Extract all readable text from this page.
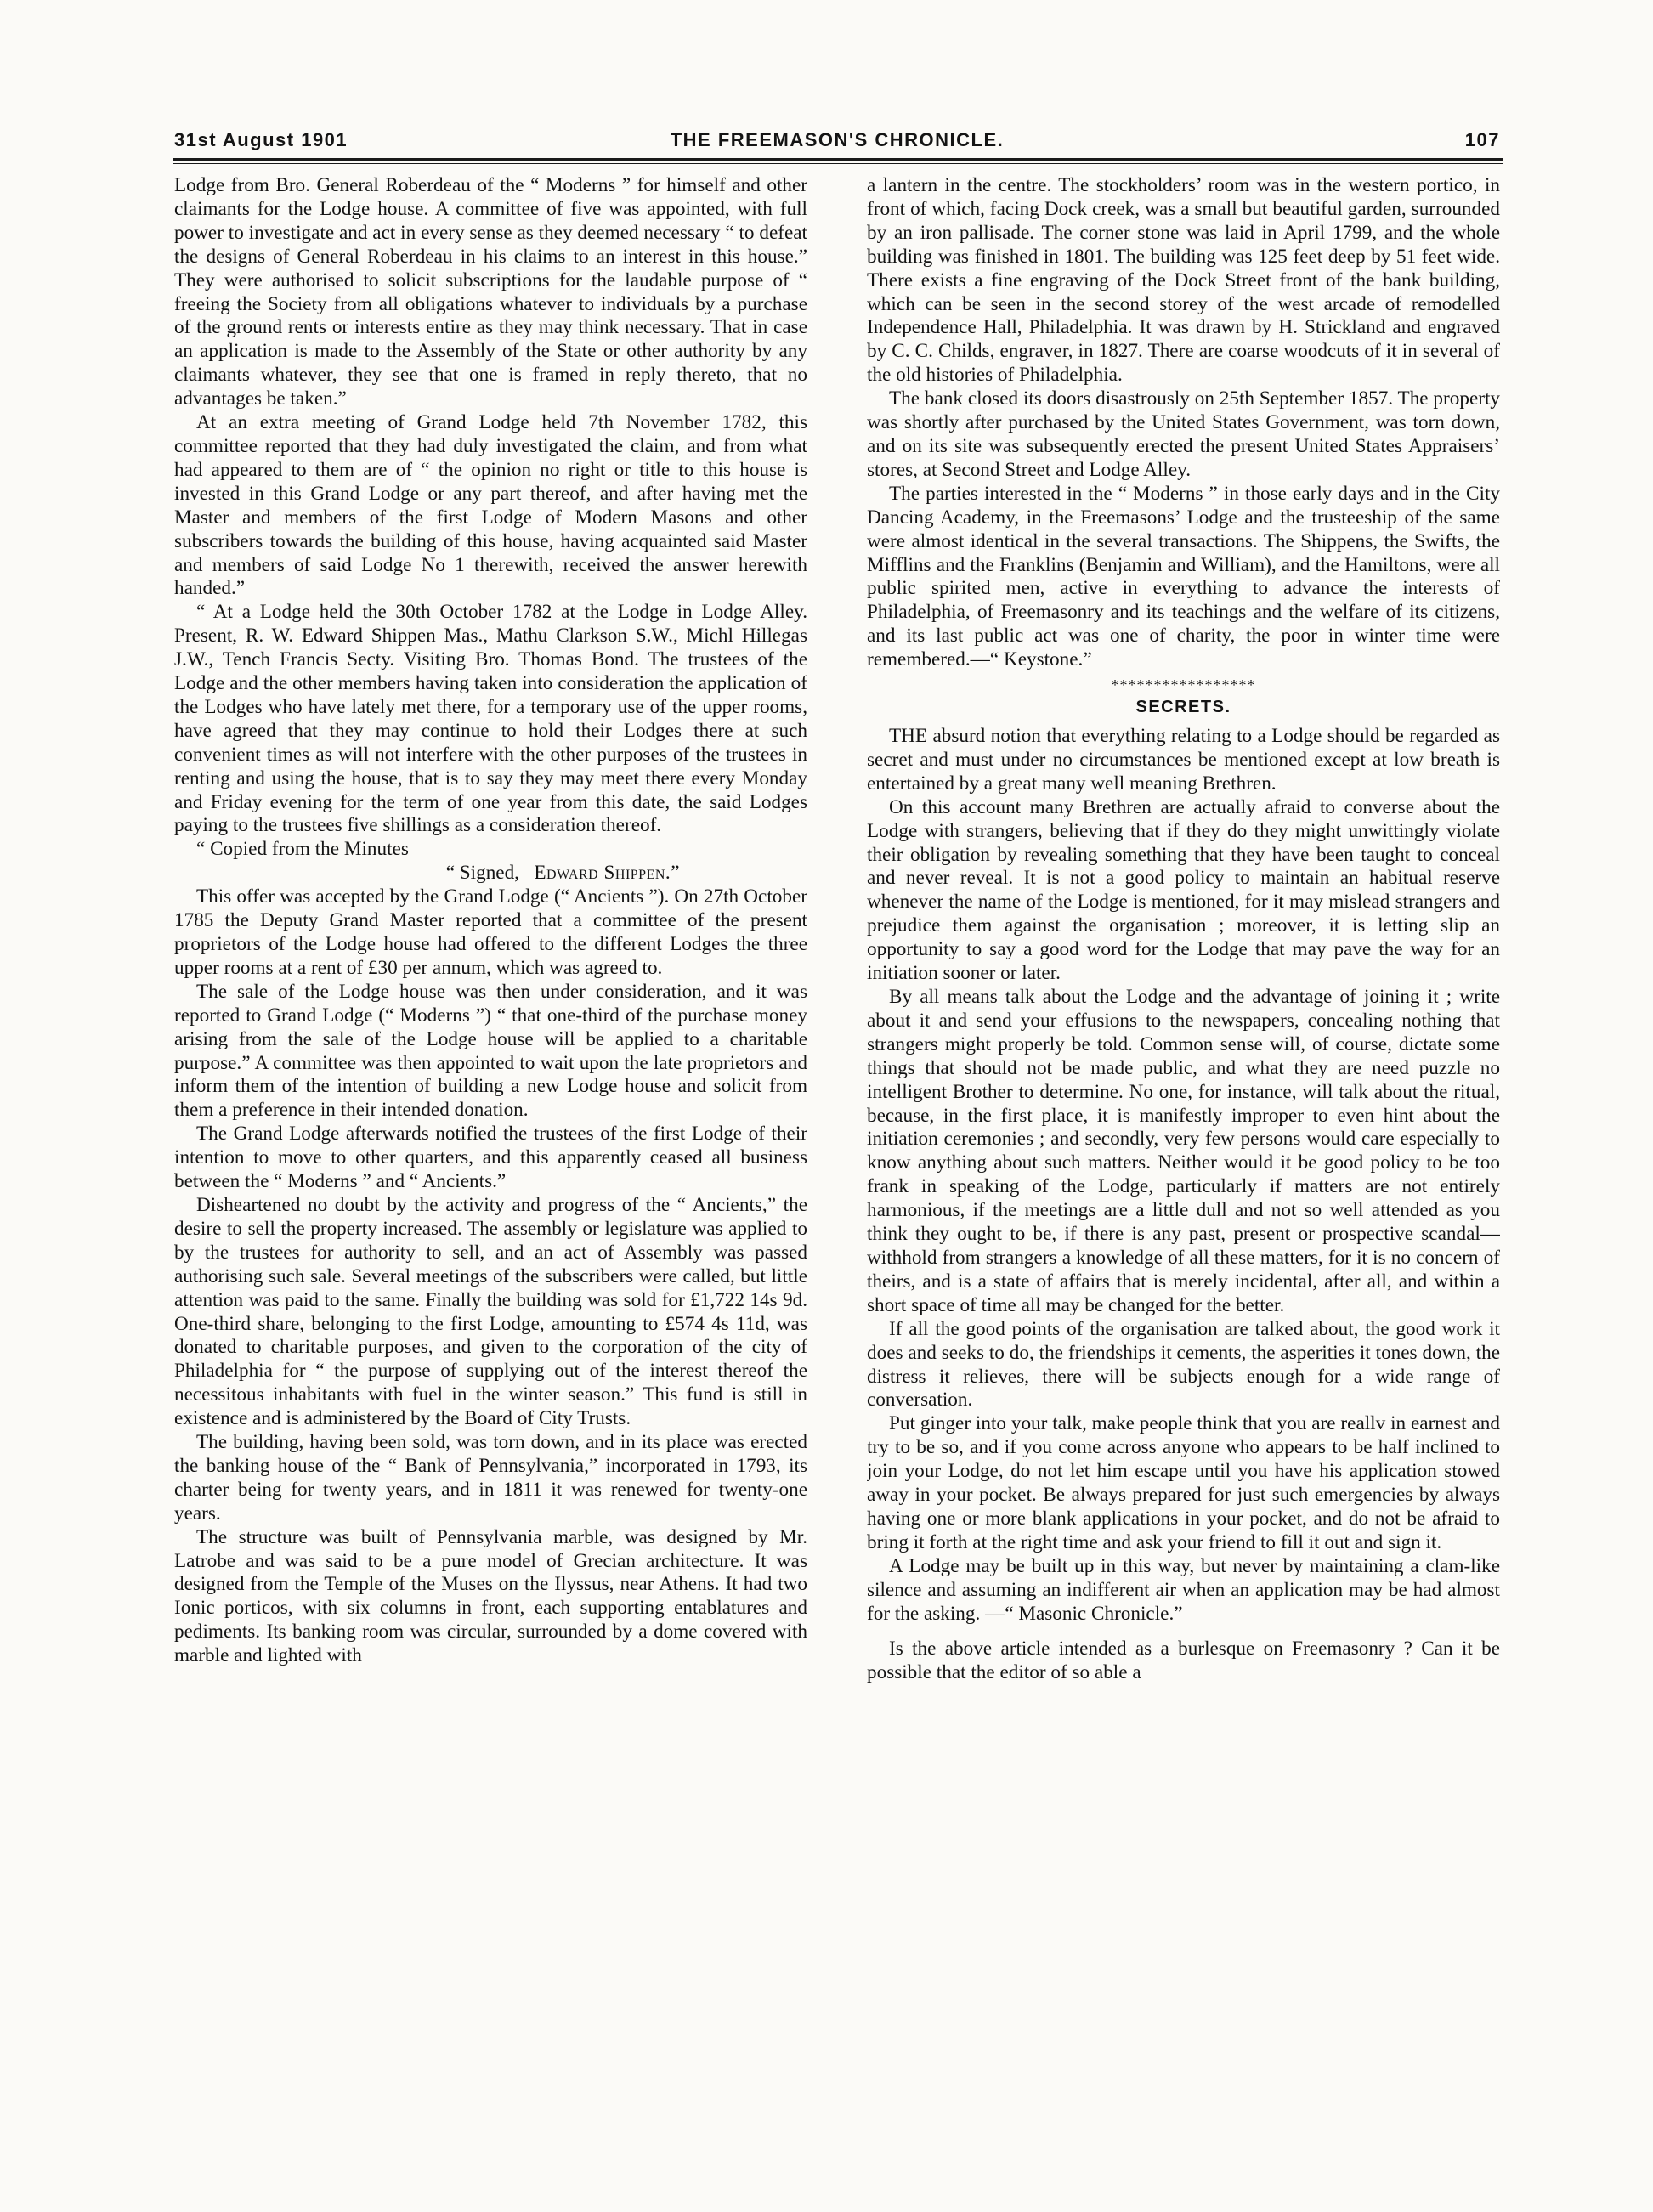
31st August 1901	THE FREEMASON'S CHRONICLE.	107

Lodge from Bro. General Roberdeau of the “ Moderns ” for himself and other claimants for the Lodge house. A committee of five was appointed, with full power to investigate and act in every sense as they deemed necessary “ to defeat the designs of General Roberdeau in his claims to an interest in this house.” They were authorised to solicit subscriptions for the laudable purpose of “ freeing the Society from all obligations whatever to individuals by a purchase of the ground rents or interests entire as they may think necessary. That in case an application is made to the Assembly of the State or other authority by any claimants whatever, they see that one is framed in reply thereto, that no advantages be taken.”

At an extra meeting of Grand Lodge held 7th November 1782, this committee reported that they had duly investigated the claim, and from what had appeared to them are of “ the opinion no right or title to this house is invested in this Grand Lodge or any part thereof, and after having met the Master and members of the first Lodge of Modern Masons and other subscribers towards the building of this house, having acquainted said Master and members of said Lodge No 1 therewith, received the answer herewith handed.”

“ At a Lodge held the 30th October 1782 at the Lodge in Lodge Alley. Present, R. W. Edward Shippen Mas., Mathu Clarkson S.W., Michl Hillegas J.W., Tench Francis Secty. Visiting Bro. Thomas Bond. The trustees of the Lodge and the other members having taken into consideration the application of the Lodges who have lately met there, for a temporary use of the upper rooms, have agreed that they may continue to hold their Lodges there at such convenient times as will not interfere with the other purposes of the trustees in renting and using the house, that is to say they may meet there every Monday and Friday evening for the term of one year from this date, the said Lodges paying to the trustees five shillings as a consideration thereof.

“ Copied from the Minutes

“ Signed, Edward Shippen.”

This offer was accepted by the Grand Lodge (“ Ancients ”). On 27th October 1785 the Deputy Grand Master reported that a committee of the present proprietors of the Lodge house had offered to the different Lodges the three upper rooms at a rent of £30 per annum, which was agreed to.

The sale of the Lodge house was then under consideration, and it was reported to Grand Lodge (“ Moderns ”) “ that one-third of the purchase money arising from the sale of the Lodge house will be applied to a charitable purpose.” A committee was then appointed to wait upon the late proprietors and inform them of the intention of building a new Lodge house and solicit from them a preference in their intended donation.

The Grand Lodge afterwards notified the trustees of the first Lodge of their intention to move to other quarters, and this apparently ceased all business between the “ Moderns ” and “ Ancients.”

Disheartened no doubt by the activity and progress of the “ Ancients,” the desire to sell the property increased. The assembly or legislature was applied to by the trustees for authority to sell, and an act of Assembly was passed authorising such sale. Several meetings of the subscribers were called, but little attention was paid to the same. Finally the building was sold for £1,722 14s 9d. One-third share, belonging to the first Lodge, amounting to £574 4s 11d, was donated to charitable purposes, and given to the corporation of the city of Philadelphia for “ the purpose of supplying out of the interest thereof the necessitous inhabitants with fuel in the winter season.” This fund is still in existence and is administered by the Board of City Trusts.

The building, having been sold, was torn down, and in its place was erected the banking house of the “ Bank of Pennsylvania,” incorporated in 1793, its charter being for twenty years, and in 1811 it was renewed for twenty-one years.

The structure was built of Pennsylvania marble, was designed by Mr. Latrobe and was said to be a pure model of Grecian architecture. It was designed from the Temple of the Muses on the Ilyssus, near Athens. It had two Ionic porticos, with six columns in front, each supporting entablatures and pediments. Its banking room was circular, surrounded by a dome covered with marble and lighted with

a lantern in the centre. The stockholders’ room was in the western portico, in front of which, facing Dock creek, was a small but beautiful garden, surrounded by an iron pallisade. The corner stone was laid in April 1799, and the whole building was finished in 1801. The building was 125 feet deep by 51 feet wide. There exists a fine engraving of the Dock Street front of the bank building, which can be seen in the second storey of the west arcade of remodelled Independence Hall, Philadelphia. It was drawn by H. Strickland and engraved by C. C. Childs, engraver, in 1827. There are coarse woodcuts of it in several of the old histories of Philadelphia.

The bank closed its doors disastrously on 25th September 1857. The property was shortly after purchased by the United States Government, was torn down, and on its site was subsequently erected the present United States Appraisers’ stores, at Second Street and Lodge Alley.

The parties interested in the “ Moderns ” in those early days and in the City Dancing Academy, in the Freemasons’ Lodge and the trusteeship of the same were almost identical in the several transactions. The Shippens, the Swifts, the Mifflins and the Franklins (Benjamin and William), and the Hamiltons, were all public spirited men, active in everything to advance the interests of Philadelphia, of Freemasonry and its teachings and the welfare of its citizens, and its last public act was one of charity, the poor in winter time were remembered.—“ Keystone.”

*****************
SECRETS.

THE absurd notion that everything relating to a Lodge should be regarded as secret and must under no circumstances be mentioned except at low breath is entertained by a great many well meaning Brethren.

On this account many Brethren are actually afraid to converse about the Lodge with strangers, believing that if they do they might unwittingly violate their obligation by revealing something that they have been taught to conceal and never reveal. It is not a good policy to maintain an habitual reserve whenever the name of the Lodge is mentioned, for it may mislead strangers and prejudice them against the organisation ; moreover, it is letting slip an opportunity to say a good word for the Lodge that may pave the way for an initiation sooner or later.

By all means talk about the Lodge and the advantage of joining it ; write about it and send your effusions to the newspapers, concealing nothing that strangers might properly be told. Common sense will, of course, dictate some things that should not be made public, and what they are need puzzle no intelligent Brother to determine. No one, for instance, will talk about the ritual, because, in the first place, it is manifestly improper to even hint about the initiation ceremonies ; and secondly, very few persons would care especially to know anything about such matters. Neither would it be good policy to be too frank in speaking of the Lodge, particularly if matters are not entirely harmonious, if the meetings are a little dull and not so well attended as you think they ought to be, if there is any past, present or prospective scandal—withhold from strangers a knowledge of all these matters, for it is no concern of theirs, and is a state of affairs that is merely incidental, after all, and within a short space of time all may be changed for the better.

If all the good points of the organisation are talked about, the good work it does and seeks to do, the friendships it cements, the asperities it tones down, the distress it relieves, there will be subjects enough for a wide range of conversation.

Put ginger into your talk, make people think that you are reallv in earnest and try to be so, and if you come across anyone who appears to be half inclined to join your Lodge, do not let him escape until you have his application stowed away in your pocket. Be always prepared for just such emergencies by always having one or more blank applications in your pocket, and do not be afraid to bring it forth at the right time and ask your friend to fill it out and sign it.

A Lodge may be built up in this way, but never by maintaining a clam-like silence and assuming an indifferent air when an application may be had almost for the asking. —“ Masonic Chronicle.”

Is the above article intended as a burlesque on Freemasonry ? Can it be possible that the editor of so able a
